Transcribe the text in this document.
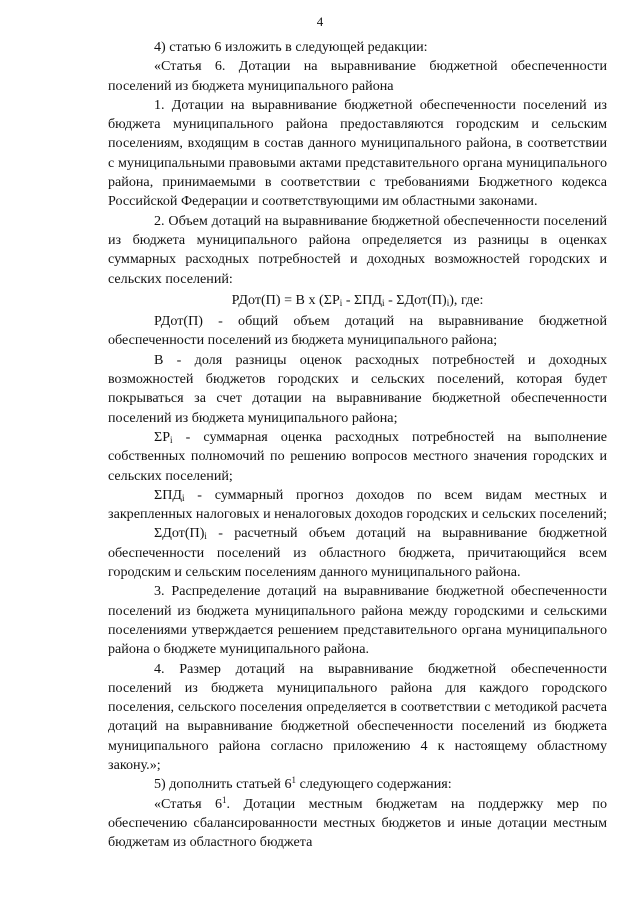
4

4) статью 6 изложить в следующей редакции:

«Статья 6. Дотации на выравнивание бюджетной обеспеченности поселений из бюджета муниципального района

1. Дотации на выравнивание бюджетной обеспеченности поселений из бюджета муниципального района предоставляются городским и сельским поселениям, входящим в состав данного муниципального района, в соответствии с муниципальными правовыми актами представительного органа муниципального района, принимаемыми в соответствии с требованиями Бюджетного кодекса Российской Федерации и соответствующими им областными законами.

2. Объем дотаций на выравнивание бюджетной обеспеченности поселений из бюджета муниципального района определяется из разницы в оценках суммарных расходных потребностей и доходных возможностей городских и сельских поселений:

РДот(П) = В х $(\Sigma Р_i - \Sigma ПД_i - \Sigma Дот(П)_i)$, где:

РДот(П) - общий объем дотаций на выравнивание бюджетной обеспеченности поселений из бюджета муниципального района;

В - доля разницы оценок расходных потребностей и доходных возможностей бюджетов городских и сельских поселений, которая будет покрываться за счет дотации на выравнивание бюджетной обеспеченности поселений из бюджета муниципального района;

$\Sigma Р_i$ - суммарная оценка расходных потребностей на выполнение собственных полномочий по решению вопросов местного значения городских и сельских поселений;

$\Sigma ПД_i$ - суммарный прогноз доходов по всем видам местных и закрепленных налоговых и неналоговых доходов городских и сельских поселений;

$\Sigma Дот(П)_i$ - расчетный объем дотаций на выравнивание бюджетной обеспеченности поселений из областного бюджета, причитающийся всем городским и сельским поселениям данного муниципального района.

3. Распределение дотаций на выравнивание бюджетной обеспеченности поселений из бюджета муниципального района между городскими и сельскими поселениями утверждается решением представительного органа муниципального района о бюджете муниципального района.

4. Размер дотаций на выравнивание бюджетной обеспеченности поселений из бюджета муниципального района для каждого городского поселения, сельского поселения определяется в соответствии с методикой расчета дотаций на выравнивание бюджетной обеспеченности поселений из бюджета муниципального района согласно приложению 4 к настоящему областному закону.»;

5) дополнить статьей $6^1$ следующего содержания:

«Статья $6^1$. Дотации местным бюджетам на поддержку мер по обеспечению сбалансированности местных бюджетов и иные дотации местным бюджетам из областного бюджета
